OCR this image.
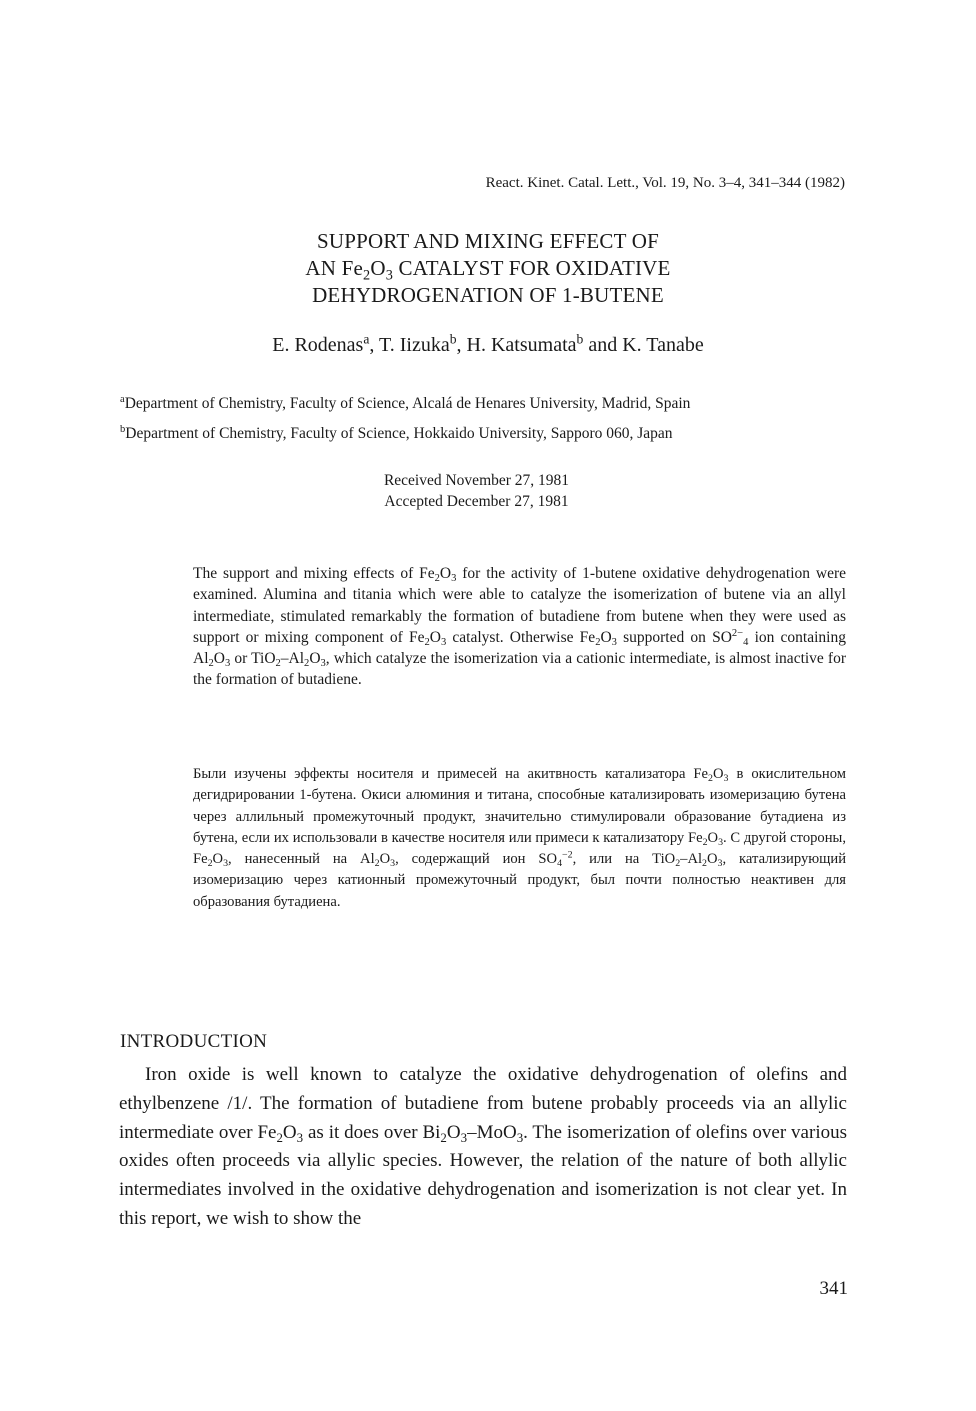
React. Kinet. Catal. Lett., Vol. 19, No. 3–4, 341–344 (1982)
SUPPORT AND MIXING EFFECT OF
AN $Fe_2O_3$ CATALYST FOR OXIDATIVE
DEHYDROGENATION OF 1-BUTENE
E. Rodenas$^a$, T. Iizuka$^b$, H. Katsumata$^b$ and K. Tanabe
$^a$Department of Chemistry, Faculty of Science, Alcalá de Henares University, Madrid, Spain
$^b$Department of Chemistry, Faculty of Science, Hokkaido University, Sapporo 060, Japan
Received November 27, 1981
Accepted December 27, 1981
The support and mixing effects of $Fe_2O_3$ for the activity of 1-butene oxidative dehydrogenation were examined. Alumina and titania which were able to catalyze the isomerization of butene via an allyl intermediate, stimulated remarkably the formation of butadiene from butene when they were used as support or mixing component of $Fe_2O_3$ catalyst. Otherwise $Fe_2O_3$ supported on $SO^{2-}_4$ ion containing $Al_2O_3$ or $TiO_2-Al_2O_3$, which catalyze the isomerization via a cationic intermediate, is almost inactive for the formation of butadiene.
Были изучены эффекты носителя и примесей на акитвность катализатора $Fe_2O_3$ в окислительном дегидрировании 1-бутена. Окиси алюминия и титана, способные катализировать изомеризацию бутена через аллильный промежуточный продукт, значительно стимулировали образование бутадиена из бутена, если их использовали в качестве носителя или примеси к катализатору $Fe_2O_3$. С другой стороны, $Fe_2O_3$, нанесенный на $Al_2O_3$, содержащий ион $SO_4^{-2}$, или на $TiO_2-Al_2O_3$, катализирующий изомеризацию через катионный промежуточный продукт, был почти полностью неактивен для образования бутадиена.
INTRODUCTION
Iron oxide is well known to catalyze the oxidative dehydrogenation of olefins and ethylbenzene /1/. The formation of butadiene from butene probably proceeds via an allylic intermediate over $Fe_2O_3$ as it does over $Bi_2O_3-MoO_3$. The isomerization of olefins over various oxides often proceeds via allylic species. However, the relation of the nature of both allylic intermediates involved in the oxidative dehydrogenation and isomerization is not clear yet. In this report, we wish to show the
341
